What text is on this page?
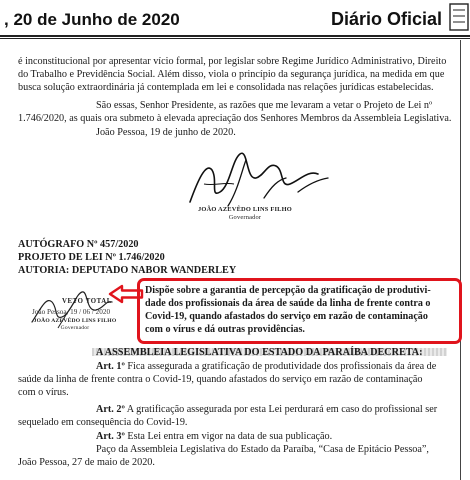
, 20 de Junho de 2020	Diário Oficial
é inconstitucional por apresentar vício formal, por legislar sobre Regime Jurídico Administrativo, Direito
do Trabalho e Previdência Social. Além disso, viola o princípio da segurança jurídica, na medida em que
busca solução extraordinária já contemplada em lei e consolidada nas relações jurídicas estabelecidas.
São essas, Senhor Presidente, as razões que me levaram a vetar o Projeto de Lei nº
1.746/2020, as quais ora submeto à elevada apreciação dos Senhores Membros da Assembleia Legislativa.
João Pessoa, 19 de junho de 2020.
JOÃO AZEVÊDO LINS FILHO
Governador
AUTÓGRAFO Nº 457/2020
PROJETO DE LEI Nº 1.746/2020
AUTORIA: DEPUTADO NABOR WANDERLEY
VETO TOTAL
João Pessoa, 19 / 06 / 2020
JOÃO AZEVÊDO LINS FILHO
Governador
Dispõe sobre a garantia de percepção da gratificação de produtivi-
dade dos profissionais da área de saúde da linha de frente contra o
Covid-19, quando afastados do serviço em razão de contaminação
com o vírus e dá outras providências.
A ASSEMBLEIA LEGISLATIVA DO ESTADO DA PARAÍBA DECRETA:
Art. 1º Fica assegurada a gratificação de produtividade dos profissionais da área de
saúde da linha de frente contra o Covid-19, quando afastados do serviço em razão de contaminação
com o vírus.
Art. 2º A gratificação assegurada por esta Lei perdurará em caso do profissional ser
sequelado em consequência do Covid-19.
Art. 3º Esta Lei entra em vigor na data de sua publicação.
Paço da Assembleia Legislativa do Estado da Paraíba, “Casa de Epitácio Pessoa”,
João Pessoa, 27 de maio de 2020.
